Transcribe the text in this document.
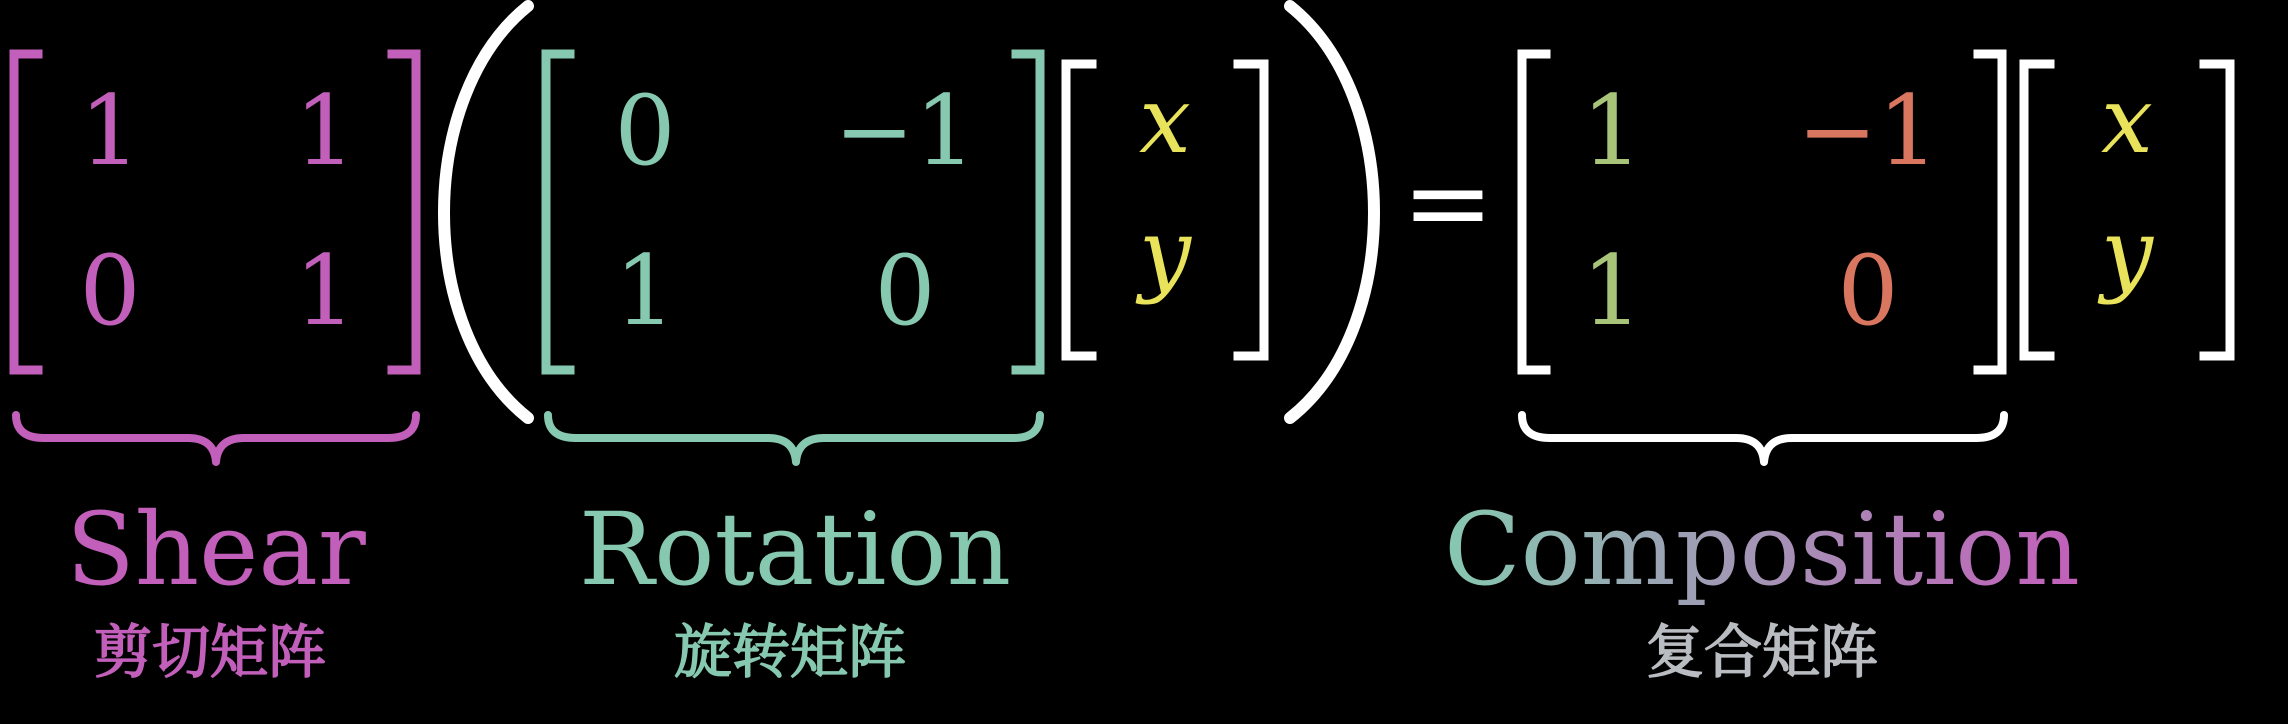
1 1
0 1
Shear
剪切矩阵
0 −1
1 0
Rotation
旋转矩阵
x
y =
1 −1
1 0
x
y
Composition
复合矩阵
